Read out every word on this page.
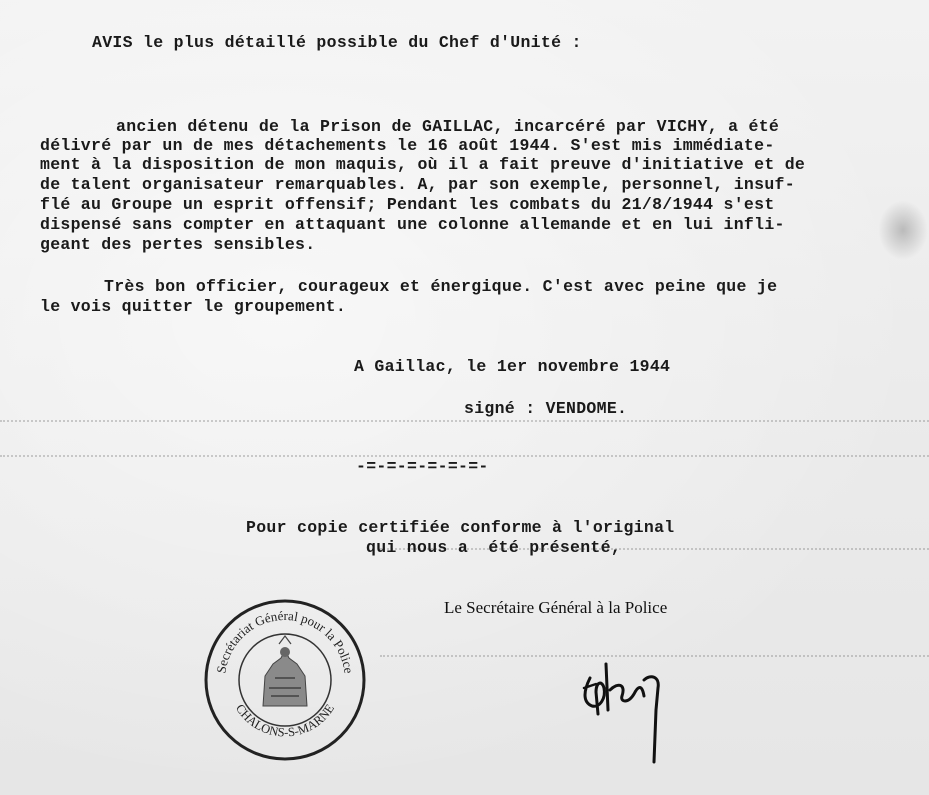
AVIS le plus détaillé possible du Chef d'Unité :
ancien détenu de la Prison de GAILLAC, incarcéré par VICHY, a été
délivré par un de mes détachements le 16 août 1944. S'est mis immédiate-
ment à la disposition de mon maquis, où il a fait preuve d'initiative et de
de talent organisateur remarquables. A, par son exemple, personnel, insuf-
flé au Groupe un esprit offensif; Pendant les combats du 21/8/1944 s'est
dispensé sans compter en attaquant une colonne allemande et en lui infli-
geant des pertes sensibles.
Très bon officier, courageux et énergique. C'est avec peine que je
le vois quitter le groupement.
A Gaillac, le 1er novembre 1944
signé : VENDOME.
-=-=-=-=-=-=-
Pour copie certifiée conforme à l'original
qui nous a  été présenté,
Le Secrétaire Général à la Police
Secrétariat Général pour la Police
CHALONS-S-MARNE
